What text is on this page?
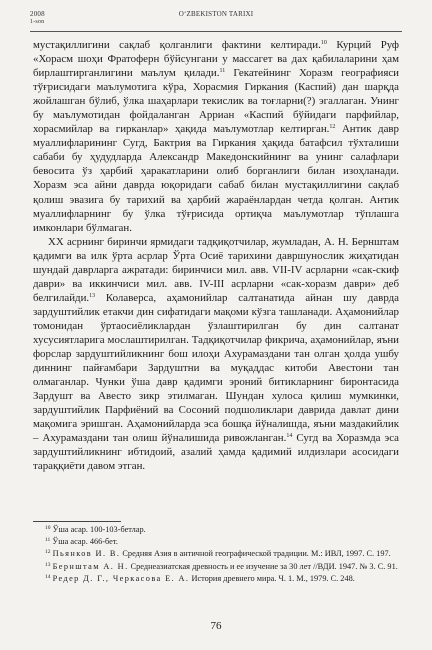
2008	O‘ZBEKISTON TARIXI
1-son

мустақиллигини сақлаб қолганлиги фактини келтиради.$^{10}$ Курций Руф «Хорасм шоҳи Фратоферн бўйсунгани у массагет ва дах қабилаларини ҳам бирлаштирганлигини маълум қилади.$^{11}$ Гекатейнинг Хоразм географияси тўғрисидаги маълумотига кўра, Хорасмия Гиркания (Каспий) дан шарқда жойлашган бўлиб, ўлка шаҳарлари текислик ва тоғларни(?) эгаллаган. Унинг бу маълумотидан фойдаланган Арриан «Каспий бўйидаги парфийлар, хорасмийлар ва гирканлар» ҳақида маълумотлар келтирган.$^{12}$ Антик давр муаллифларининг Сугд, Бактрия ва Гиркания ҳақида батафсил тўхталиши сабаби бу ҳудудларда Александр Македонскийнинг ва унинг салафлари бевосита ўз ҳарбий ҳаракатларини олиб борганлиги билан изоҳланади. Хоразм эса айни даврда юқоридаги сабаб билан мустақиллигини сақлаб қолиш эвазига бу тарихий ва ҳарбий жараёнлардан четда қолган. Антик муаллифларнинг бу ўлка тўғрисида ортиқча маълумотлар тўплашга имконлари бўлмаган.

XX асрнинг биринчи ярмидаги тадқиқотчилар, жумладан, А. Н. Бернштам қадимги ва илк ўрта асрлар Ўрта Осиё тарихини давршунослик жиҳатидан шундай даврларга ажратади: биринчиси мил. авв. VII-IV асрларни «сак-скиф даври» ва иккинчиси мил. авв. IV-III асрларни «сак-хоразм даври» деб белгилайди.$^{13}$ Колаверса, аҳамонийлар салтанатида айнан шу даврда зардуштийлик етакчи дин сифатидаги мақоми кўзга ташланади. Аҳамонийлар томонидан ўртаосиёликлардан ўзлаштирилган бу дин салтанат хусусиятларига мослаштирилган. Тадқиқотчилар фикрича, аҳамонийлар, яъни форслар зардуштийликнинг бош илоҳи Ахурамаздани тан олган ҳолда ушбу диннинг пайғамбари Зардуштни ва муқаддас китоби Авестони тан олмаганлар. Чунки ўша давр қадимги эроний битикларнинг биронтасида Зардушт ва Авесто зикр этилмаган. Шундан хулоса қилиш мумкинки, зардуштийлик Парфиёний ва Сосоний подшоликлари даврида давлат дини мақомига эришган. Аҳамонийларда эса бошқа йўналишда, яъни маздакийлик – Ахурамаздани тан олиш йўналишида ривожланган.$^{14}$ Сугд ва Хоразмда эса зардуштийликнинг ибтидоий, азалий ҳамда қадимий илдизлари асосидаги тараққиёти давом этган.

$^{10}$ Ўша асар. 100-103-бетлар.

$^{11}$ Ўша асар. 466-бет.

$^{12}$ Пьянков И. В. Средняя Азия в античной географической традиции. М.: ИВЛ, 1997. С. 197.

$^{13}$ Бернштам А. Н. Среднеазиатская древность и ее изучение за 30 лет //ВДИ. 1947. № 3. С. 91.

$^{14}$ Редер Д. Г., Черкасова Е. А. История древнего мира. Ч. 1. М., 1979. С. 248.

76
